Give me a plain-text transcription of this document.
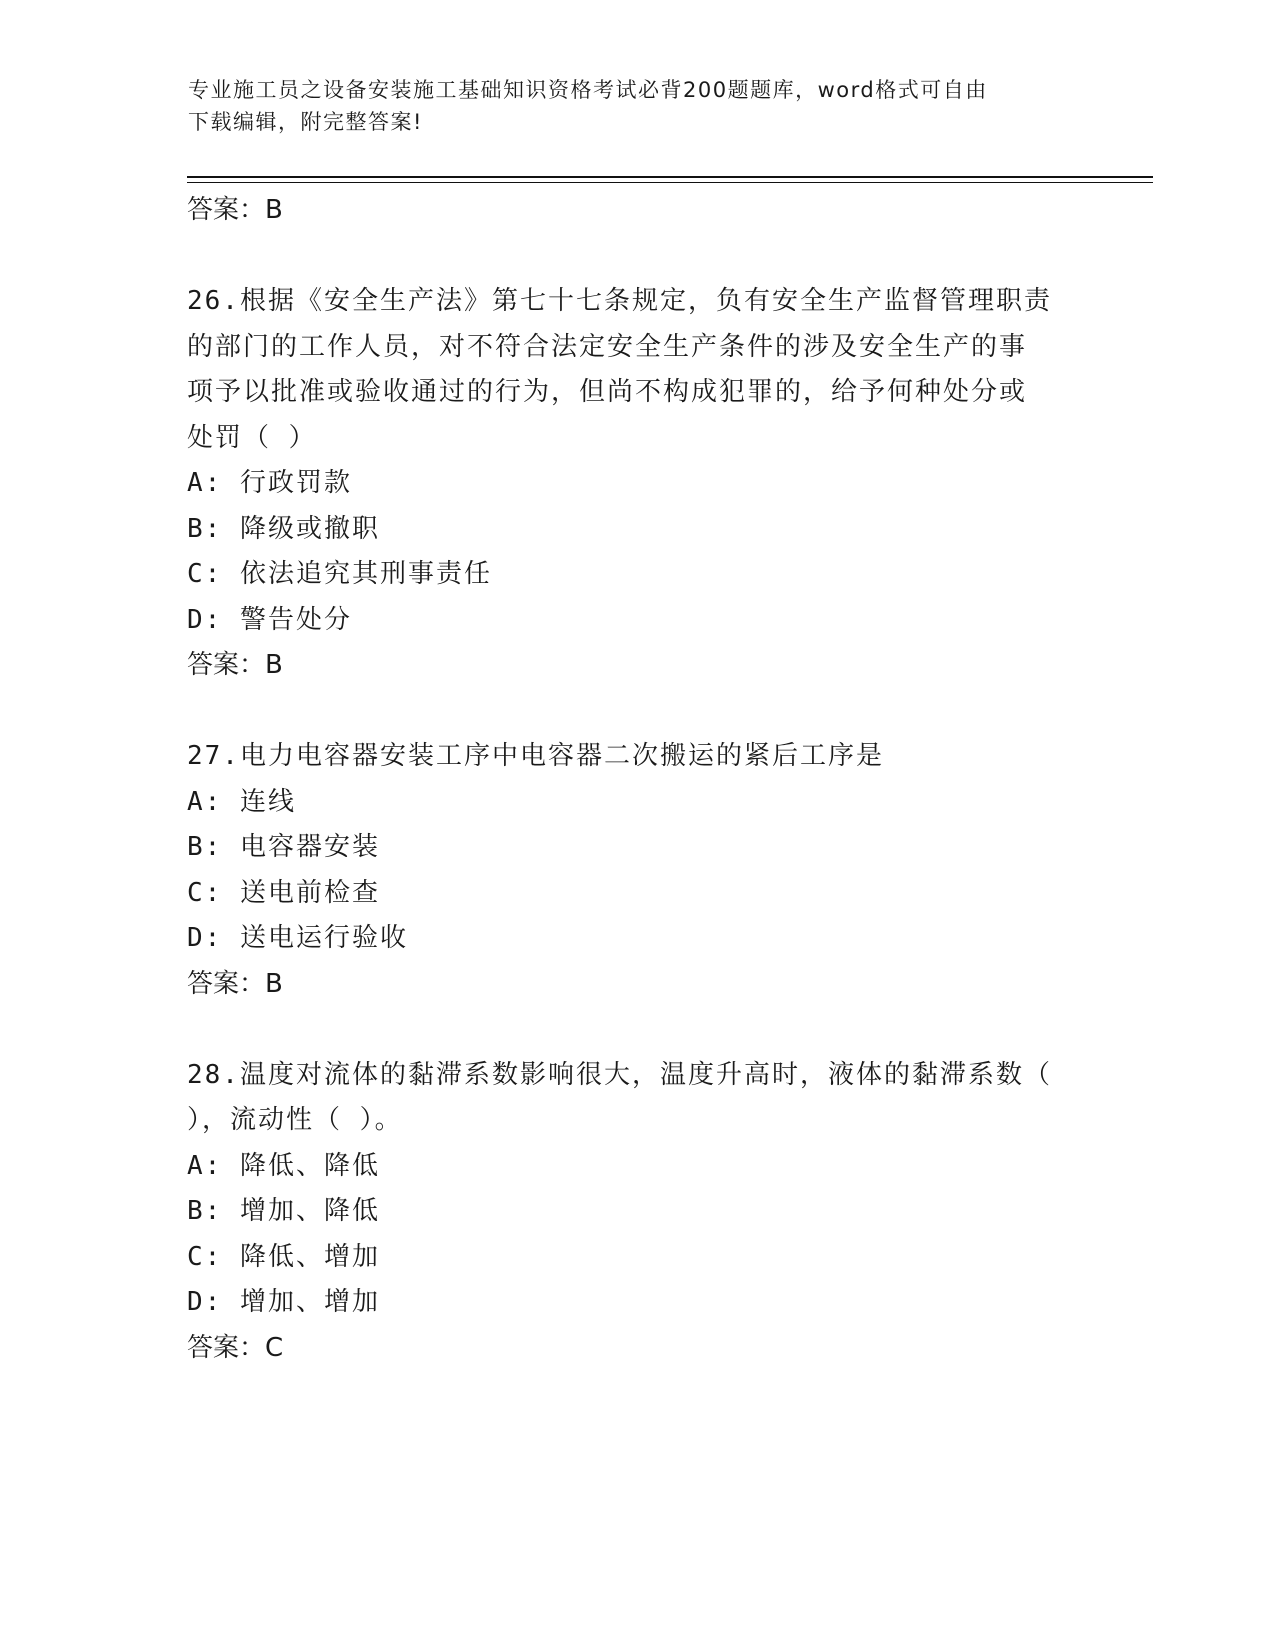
专业施工员之设备安装施工基础知识资格考试必背200题题库，word格式可自由
下载编辑，附完整答案!
答案：B
26.根据《安全生产法》第七十七条规定，负有安全生产监督管理职责
的部门的工作人员，对不符合法定安全生产条件的涉及安全生产的事
项予以批准或验收通过的行为，但尚不构成犯罪的，给予何种处分或
处罚（ ）
A: 行政罚款
B: 降级或撤职
C: 依法追究其刑事责任
D: 警告处分
答案：B
27.电力电容器安装工序中电容器二次搬运的紧后工序是
A: 连线
B: 电容器安装
C: 送电前检查
D: 送电运行验收
答案：B
28.温度对流体的黏滞系数影响很大，温度升高时，液体的黏滞系数（
），流动性（ ）。
A: 降低、降低
B: 增加、降低
C: 降低、增加
D: 增加、增加
答案：C
